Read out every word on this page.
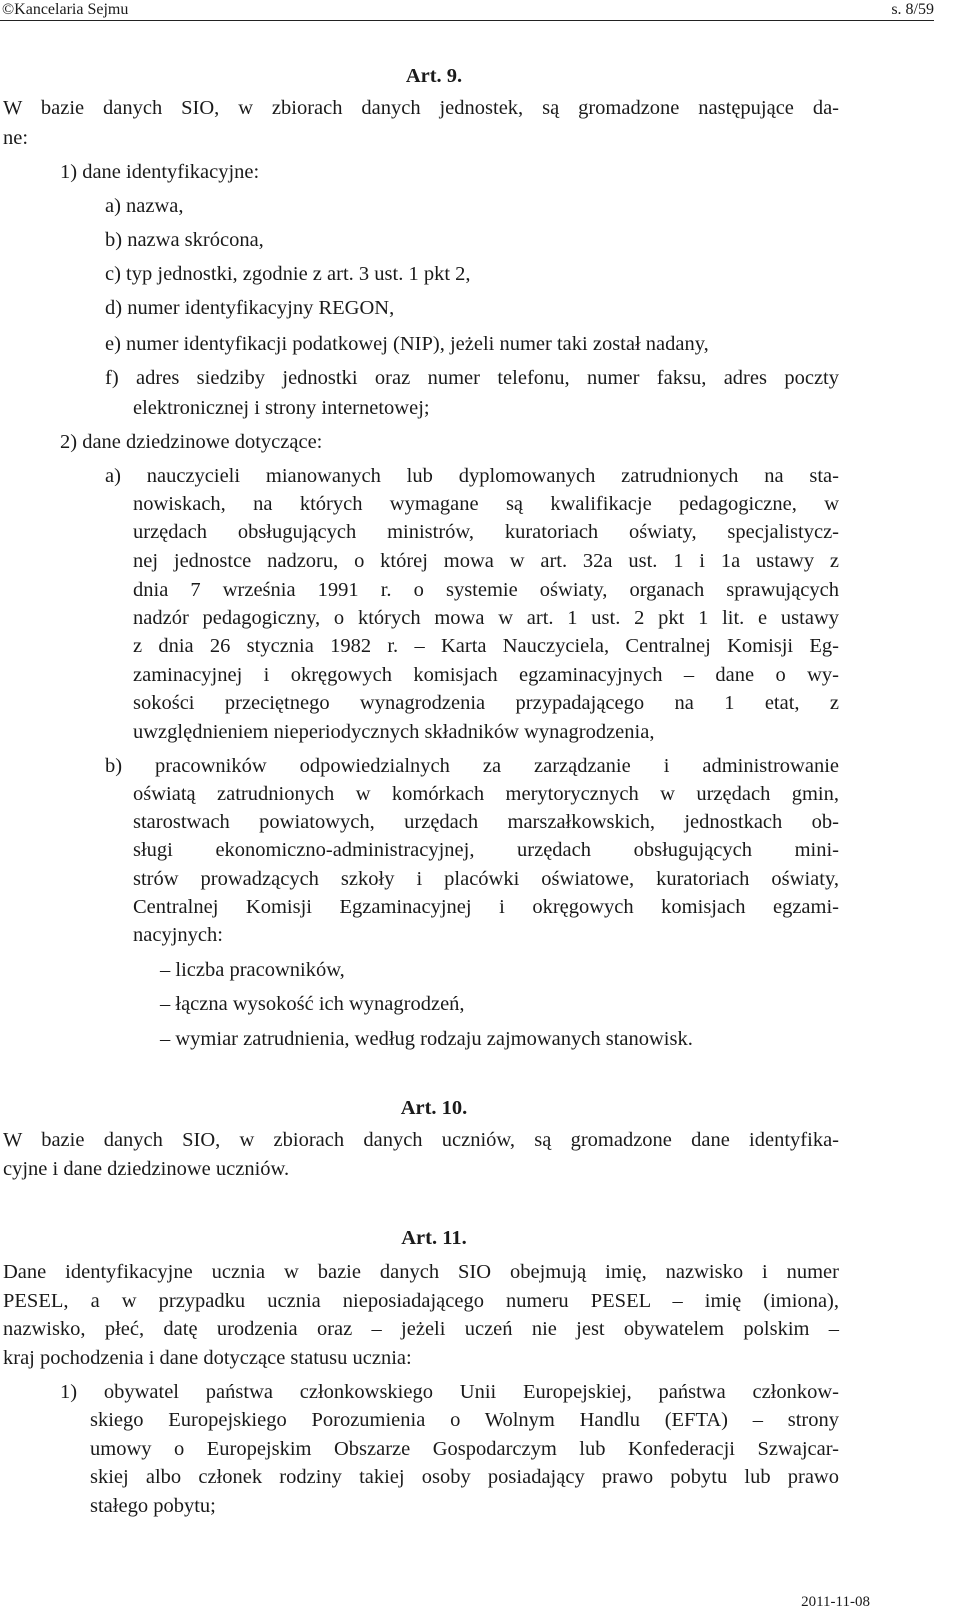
©Kancelaria Sejmu	s. 8/59
Art. 9.
W bazie danych SIO, w zbiorach danych jednostek, są gromadzone następujące da-
ne:
1) dane identyfikacyjne:
a) nazwa,
b) nazwa skrócona,
c) typ jednostki, zgodnie z art. 3 ust. 1 pkt 2,
d) numer identyfikacyjny REGON,
e) numer identyfikacji podatkowej (NIP), jeżeli numer taki został nadany,
f) adres siedziby jednostki oraz numer telefonu, numer faksu, adres poczty
elektronicznej i strony internetowej;
2) dane dziedzinowe dotyczące:
a) nauczycieli mianowanych lub dyplomowanych zatrudnionych na sta-
nowiskach, na których wymagane są kwalifikacje pedagogiczne, w
urzędach obsługujących ministrów, kuratoriach oświaty, specjalistycz-
nej jednostce nadzoru, o której mowa w art. 32a ust. 1 i 1a ustawy z
dnia 7 września 1991 r. o systemie oświaty, organach sprawujących
nadzór pedagogiczny, o których mowa w art. 1 ust. 2 pkt 1 lit. e ustawy
z dnia 26 stycznia 1982 r. – Karta Nauczyciela, Centralnej Komisji Eg-
zaminacyjnej i okręgowych komisjach egzaminacyjnych – dane o wy-
sokości przeciętnego wynagrodzenia przypadającego na 1 etat, z
uwzględnieniem nieperiodycznych składników wynagrodzenia,
b) pracowników odpowiedzialnych za zarządzanie i administrowanie
oświatą zatrudnionych w komórkach merytorycznych w urzędach gmin,
starostwach powiatowych, urzędach marszałkowskich, jednostkach ob-
sługi ekonomiczno-administracyjnej, urzędach obsługujących mini-
strów prowadzących szkoły i placówki oświatowe, kuratoriach oświaty,
Centralnej Komisji Egzaminacyjnej i okręgowych komisjach egzami-
nacyjnych:
– liczba pracowników,
– łączna wysokość ich wynagrodzeń,
– wymiar zatrudnienia, według rodzaju zajmowanych stanowisk.
Art. 10.
W bazie danych SIO, w zbiorach danych uczniów, są gromadzone dane identyfika-
cyjne i dane dziedzinowe uczniów.
Art. 11.
Dane identyfikacyjne ucznia w bazie danych SIO obejmują imię, nazwisko i numer
PESEL, a w przypadku ucznia nieposiadającego numeru PESEL – imię (imiona),
nazwisko, płeć, datę urodzenia oraz – jeżeli uczeń nie jest obywatelem polskim –
kraj pochodzenia i dane dotyczące statusu ucznia:
1) obywatel państwa członkowskiego Unii Europejskiej, państwa członkow-
skiego Europejskiego Porozumienia o Wolnym Handlu (EFTA) – strony
umowy o Europejskim Obszarze Gospodarczym lub Konfederacji Szwajcar-
skiej albo członek rodziny takiej osoby posiadający prawo pobytu lub prawo
stałego pobytu;
2011-11-08
